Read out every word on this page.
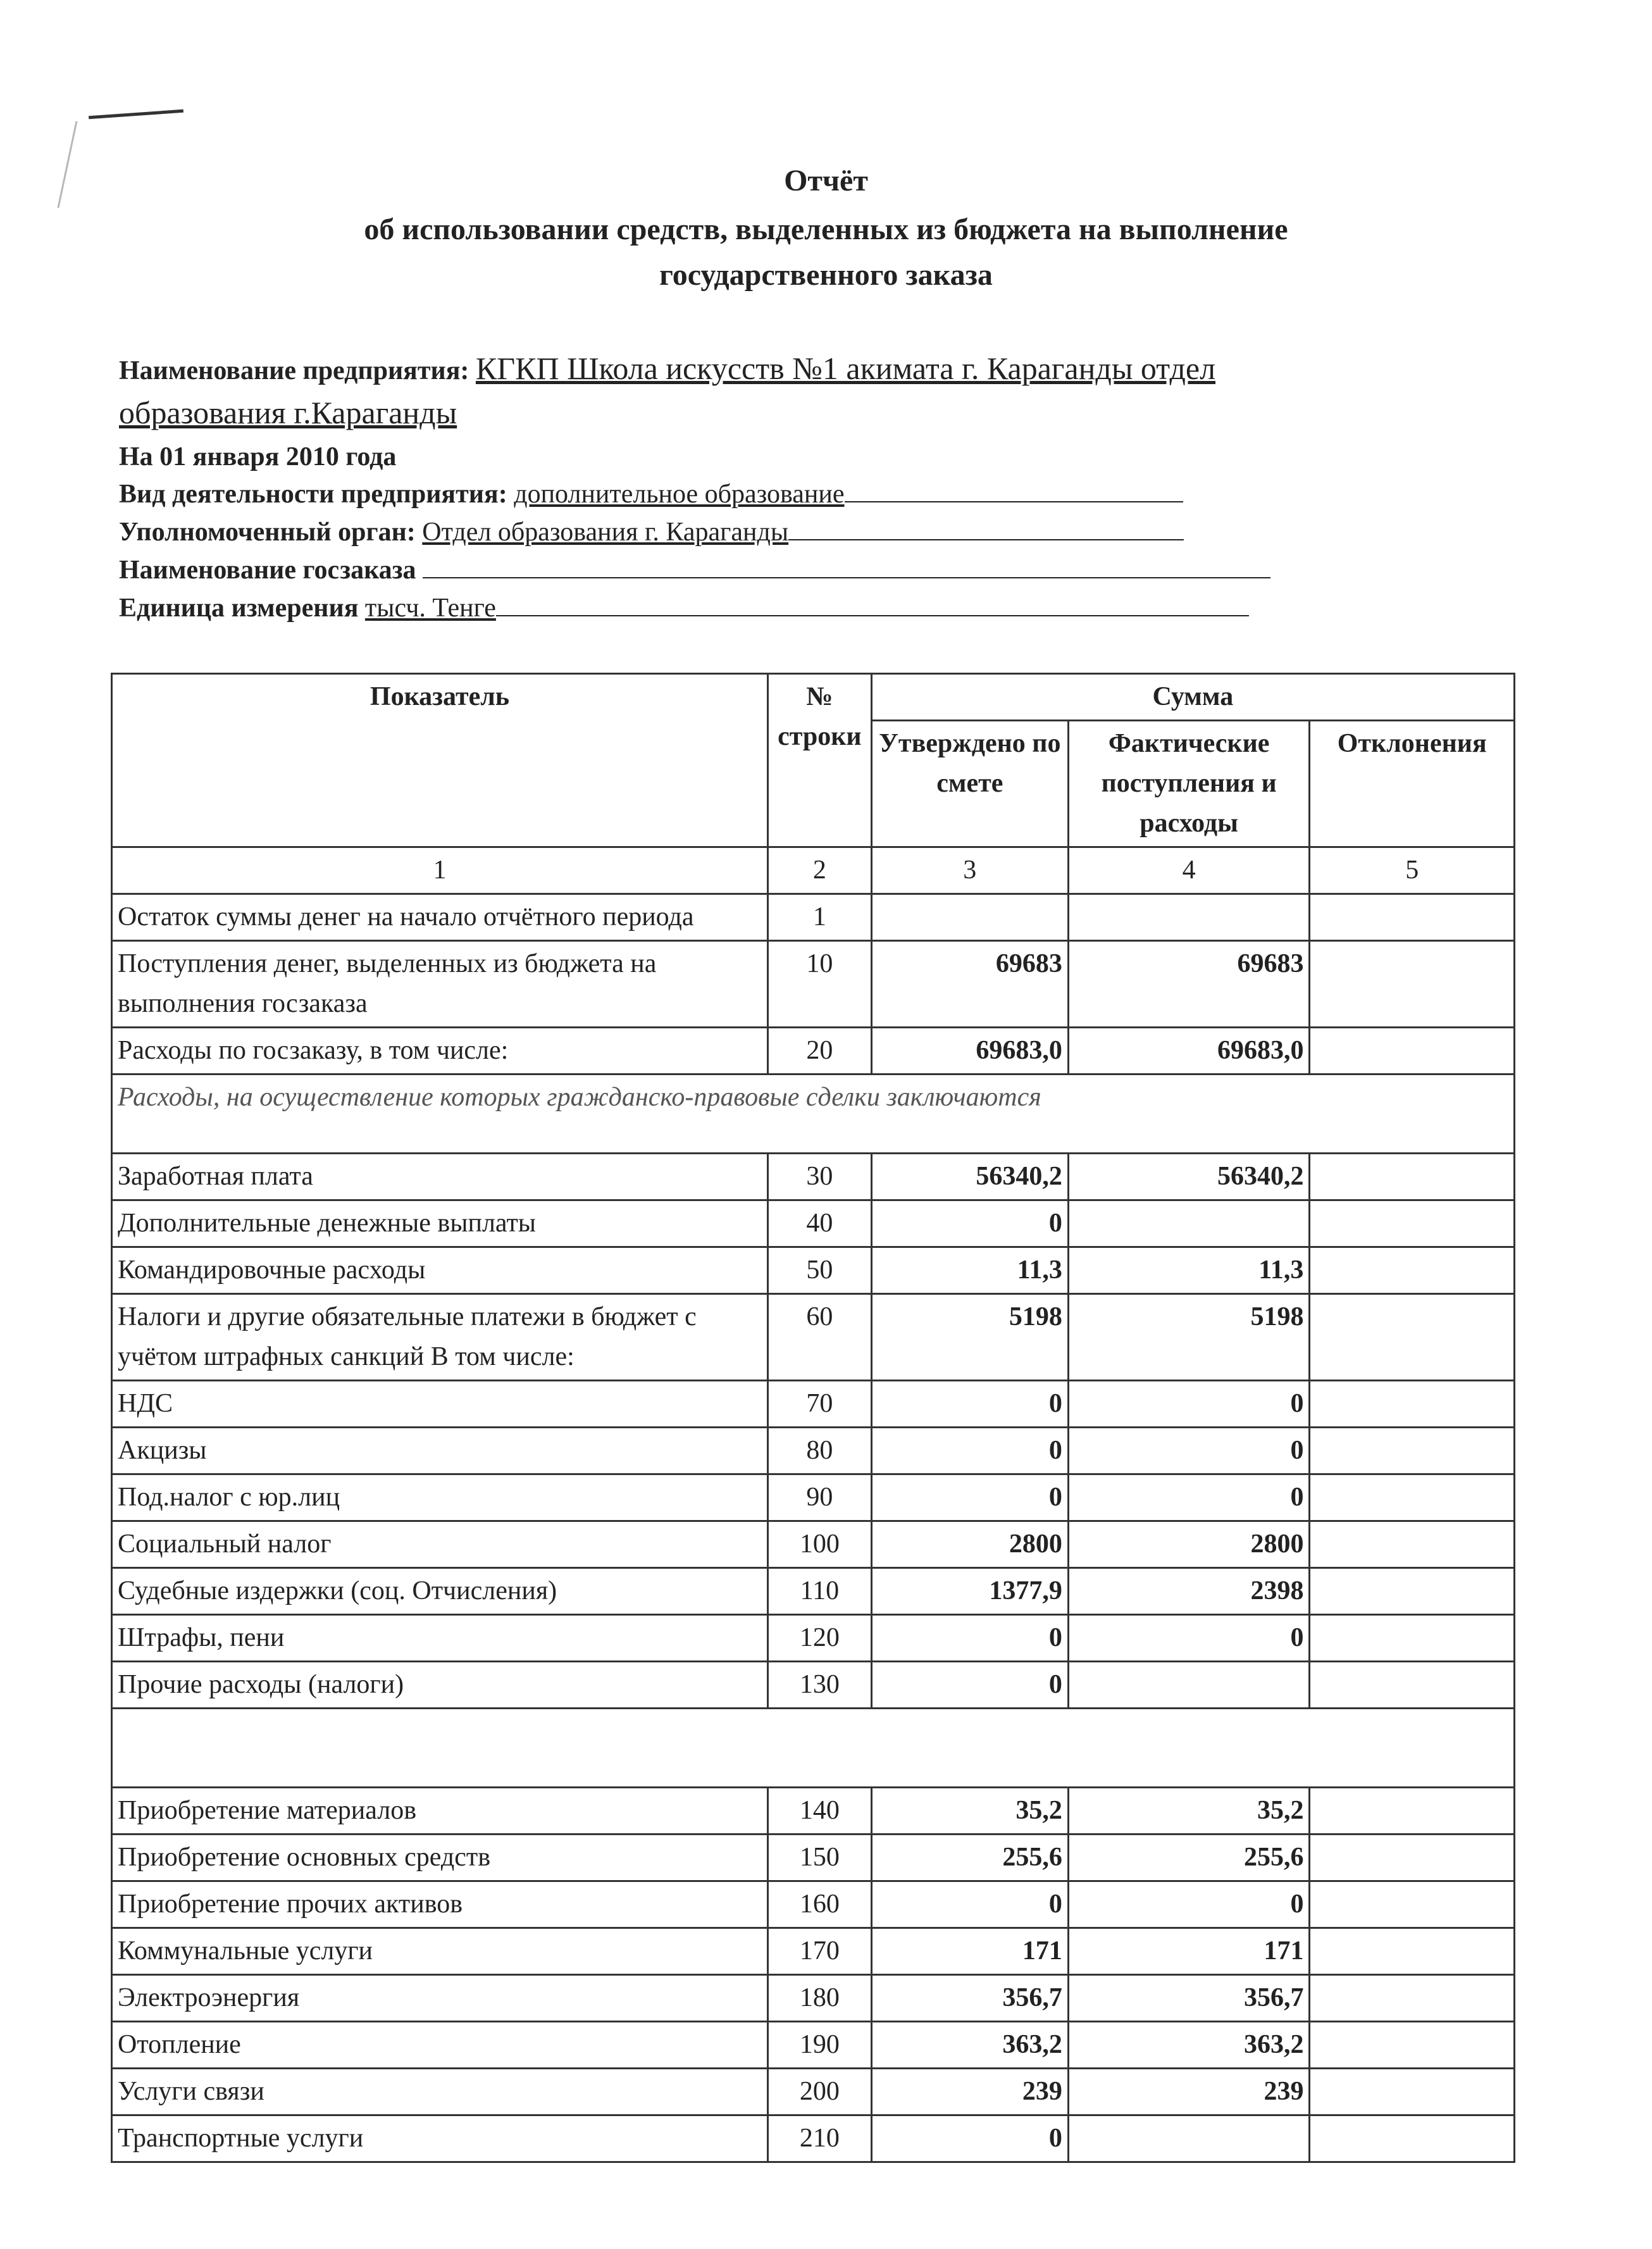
Отчёт
об использовании средств, выделенных из бюджета на выполнение
государственного заказа
Наименование предприятия: КГКП Школа искусств №1 акимата г. Караганды отдел
образования г.Караганды
На 01 января 2010 года
Вид деятельности предприятия: дополнительное образование
Уполномоченный орган: Отдел образования г. Караганды
Наименование госзаказа
Единица измерения тысч. Тенге
Показатель	№ строки	Сумма		
		Утверждено по смете	Фактические поступления и расходы	Отклонения
1	2	3	4	5
Остаток суммы денег на начало отчётного периода	1			
Поступления денег, выделенных из бюджета на выполнения госзаказа	10	69683	69683	
Расходы по госзаказу, в том числе:	20	69683,0	69683,0	
Расходы, на осуществление которых гражданско-правовые сделки заключаются				
Заработная плата	30	56340,2	56340,2	
Дополнительные денежные выплаты	40	0		
Командировочные расходы	50	11,3	11,3	
Налоги и другие обязательные платежи в бюджет с учётом штрафных санкций В том числе:	60	5198	5198	
НДС	70	0	0	
Акцизы	80	0	0	
Под.налог с юр.лиц	90	0	0	
Социальный налог	100	2800	2800	
Судебные издержки (соц. Отчисления)	110	1377,9	2398	
Штрафы, пени	120	0	0	
Прочие расходы (налоги)	130	0		

Приобретение материалов	140	35,2	35,2	
Приобретение основных средств	150	255,6	255,6	
Приобретение прочих активов	160	0	0	
Коммунальные услуги	170	171	171	
Электроэнергия	180	356,7	356,7	
Отопление	190	363,2	363,2	
Услуги связи	200	239	239	
Транспортные услуги	210	0		
